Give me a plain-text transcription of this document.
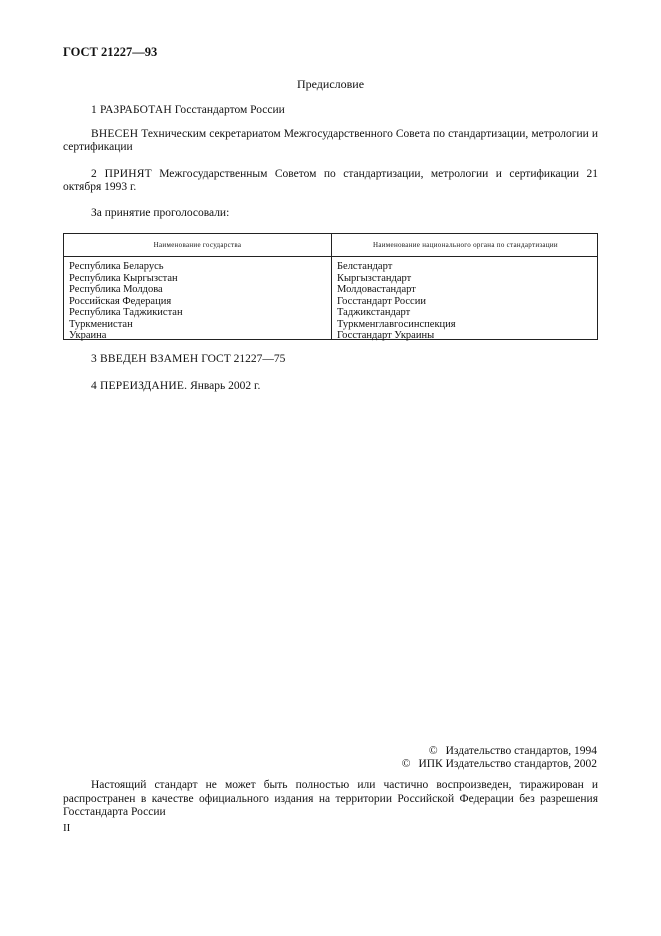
ГОСТ 21227—93
Предисловие
1 РАЗРАБОТАН Госстандартом России
ВНЕСЕН Техническим секретариатом Межгосударственного Совета по стандартизации, метрологии и сертификации
2 ПРИНЯТ Межгосударственным Советом по стандартизации, метрологии и сертификации 21 октября 1993 г.
За принятие проголосовали:
Наименование государства	Наименование национального органа по стандартизации
Республика Беларусь	Белстандарт
Республика Кыргызстан	Кыргызстандарт
Республика Молдова	Молдовастандарт
Российская Федерация	Госстандарт России
Республика Таджикистан	Таджикстандарт
Туркменистан	Туркменглавгосинспекция
Украина	Госстандарт Украины
3 ВВЕДЕН ВЗАМЕН ГОСТ 21227—75
4 ПЕРЕИЗДАНИЕ. Январь 2002 г.
© Издательство стандартов, 1994
© ИПК Издательство стандартов, 2002
Настоящий стандарт не может быть полностью или частично воспроизведен, тиражирован и распространен в качестве официального издания на территории Российской Федерации без разрешения Госстандарта России
II
